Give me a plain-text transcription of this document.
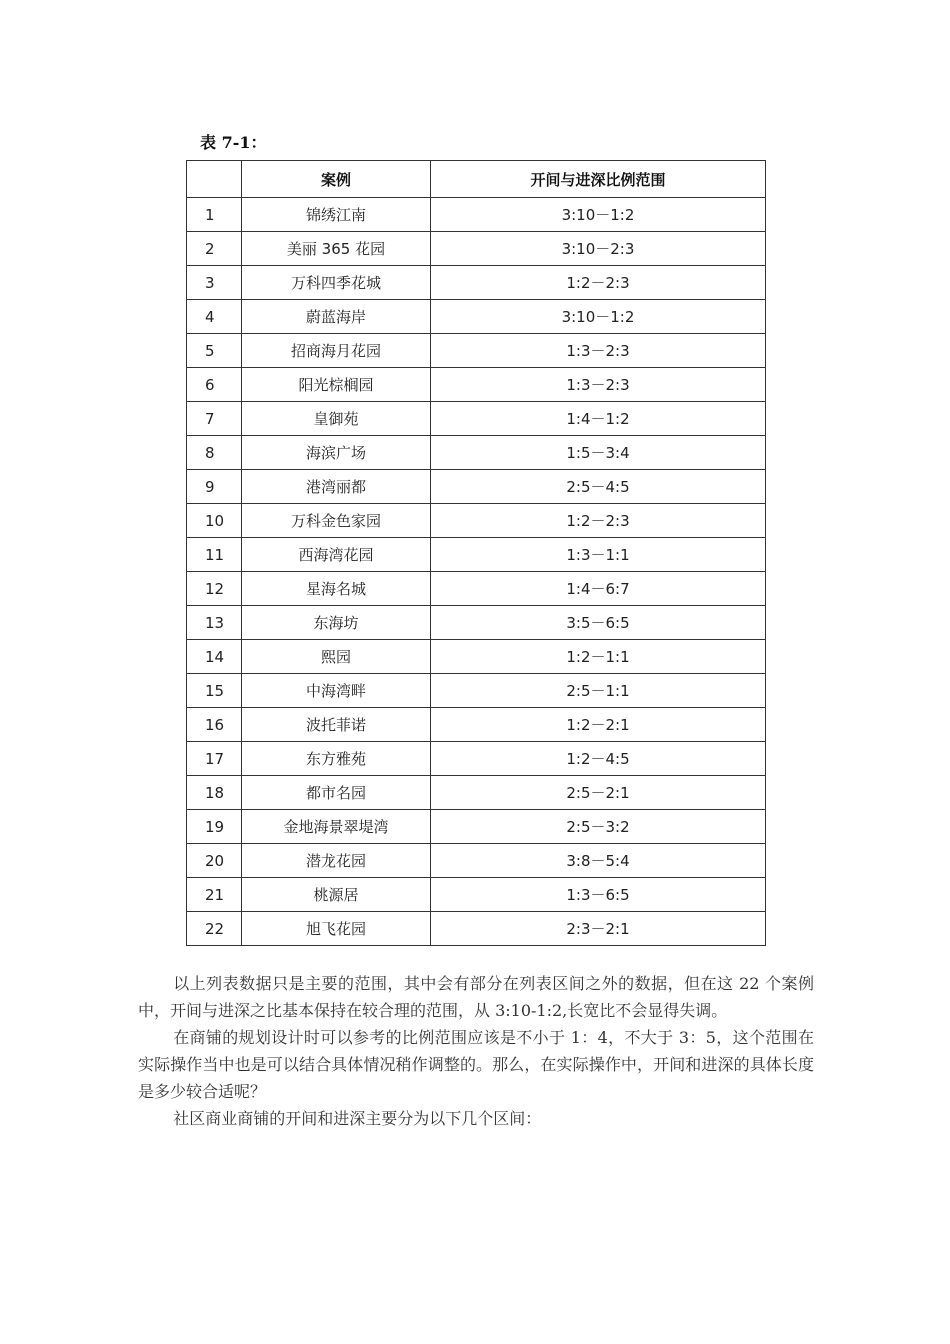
表 7-1：
	案例	开间与进深比例范围
1	锦绣江南	3:10－1:2
2	美丽 365 花园	3:10－2:3
3	万科四季花城	1:2－2:3
4	蔚蓝海岸	3:10－1:2
5	招商海月花园	1:3－2:3
6	阳光棕榈园	1:3－2:3
7	皇御苑	1:4－1:2
8	海滨广场	1:5－3:4
9	港湾丽都	2:5－4:5
10	万科金色家园	1:2－2:3
11	西海湾花园	1:3－1:1
12	星海名城	1:4－6:7
13	东海坊	3:5－6:5
14	熙园	1:2－1:1
15	中海湾畔	2:5－1:1
16	波托菲诺	1:2－2:1
17	东方雅苑	1:2－4:5
18	都市名园	2:5－2:1
19	金地海景翠堤湾	2:5－3:2
20	潜龙花园	3:8－5:4
21	桃源居	1:3－6:5
22	旭飞花园	2:3－2:1

以上列表数据只是主要的范围，其中会有部分在列表区间之外的数据，但在这 22 个案例中，开间与进深之比基本保持在较合理的范围，从 3:10-1:2,长宽比不会显得失调。

在商铺的规划设计时可以参考的比例范围应该是不小于 1：4，不大于 3：5，这个范围在实际操作当中也是可以结合具体情况稍作调整的。那么，在实际操作中，开间和进深的具体长度是多少较合适呢？

社区商业商铺的开间和进深主要分为以下几个区间：
